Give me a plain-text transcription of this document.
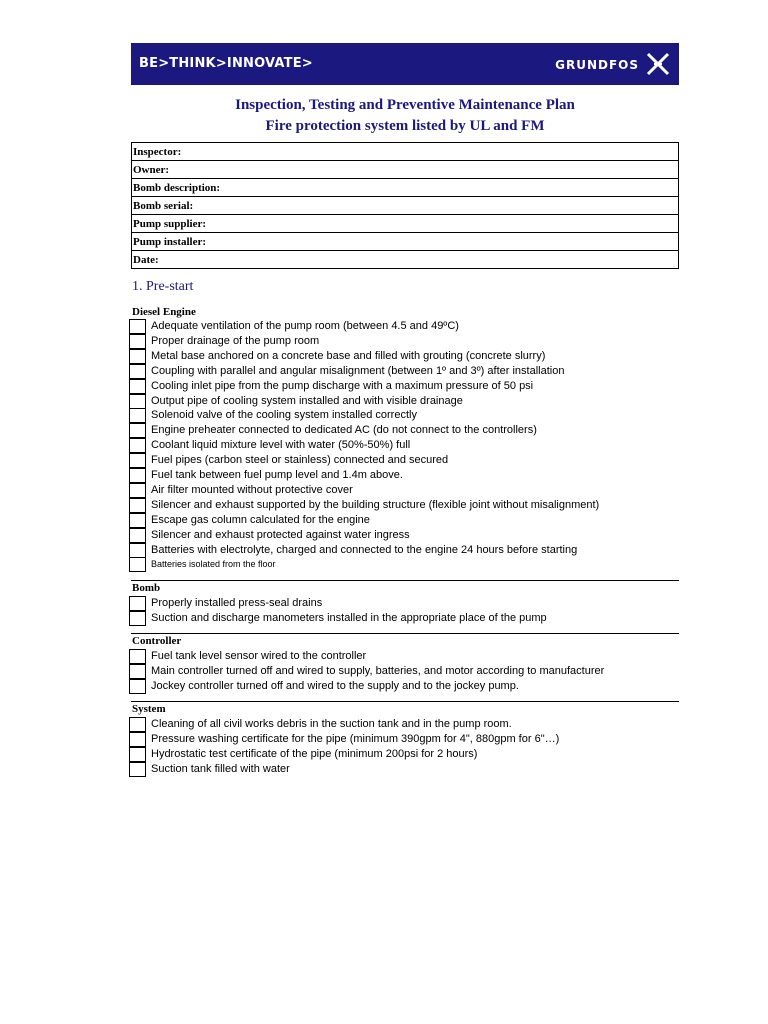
BE>THINK>INNOVATE>	GRUNDFOS
Inspection, Testing and Preventive Maintenance Plan
Fire protection system listed by UL and FM
Inspector:
Owner:
Bomb description:
Bomb serial:
Pump supplier:
Pump installer:
Date:
1. Pre-start
Diesel Engine
Adequate ventilation of the pump room (between 4.5 and 49ºC)
Proper drainage of the pump room
Metal base anchored on a concrete base and filled with grouting (concrete slurry)
Coupling with parallel and angular misalignment (between 1º and 3º) after installation
Cooling inlet pipe from the pump discharge with a maximum pressure of 50 psi
Output pipe of cooling system installed and with visible drainage
Solenoid valve of the cooling system installed correctly
Engine preheater connected to dedicated AC (do not connect to the controllers)
Coolant liquid mixture level with water (50%-50%) full
Fuel pipes (carbon steel or stainless) connected and secured
Fuel tank between fuel pump level and 1.4m above.
Air filter mounted without protective cover
Silencer and exhaust supported by the building structure (flexible joint without misalignment)
Escape gas column calculated for the engine
Silencer and exhaust protected against water ingress
Batteries with electrolyte, charged and connected to the engine 24 hours before starting
Batteries isolated from the floor
Bomb
Properly installed press-seal drains
Suction and discharge manometers installed in the appropriate place of the pump
Controller
Fuel tank level sensor wired to the controller
Main controller turned off and wired to supply, batteries, and motor according to manufacturer
Jockey controller turned off and wired to the supply and to the jockey pump.
System
Cleaning of all civil works debris in the suction tank and in the pump room.
Pressure washing certificate for the pipe (minimum 390gpm for 4", 880gpm for 6"…)
Hydrostatic test certificate of the pipe (minimum 200psi for 2 hours)
Suction tank filled with water
